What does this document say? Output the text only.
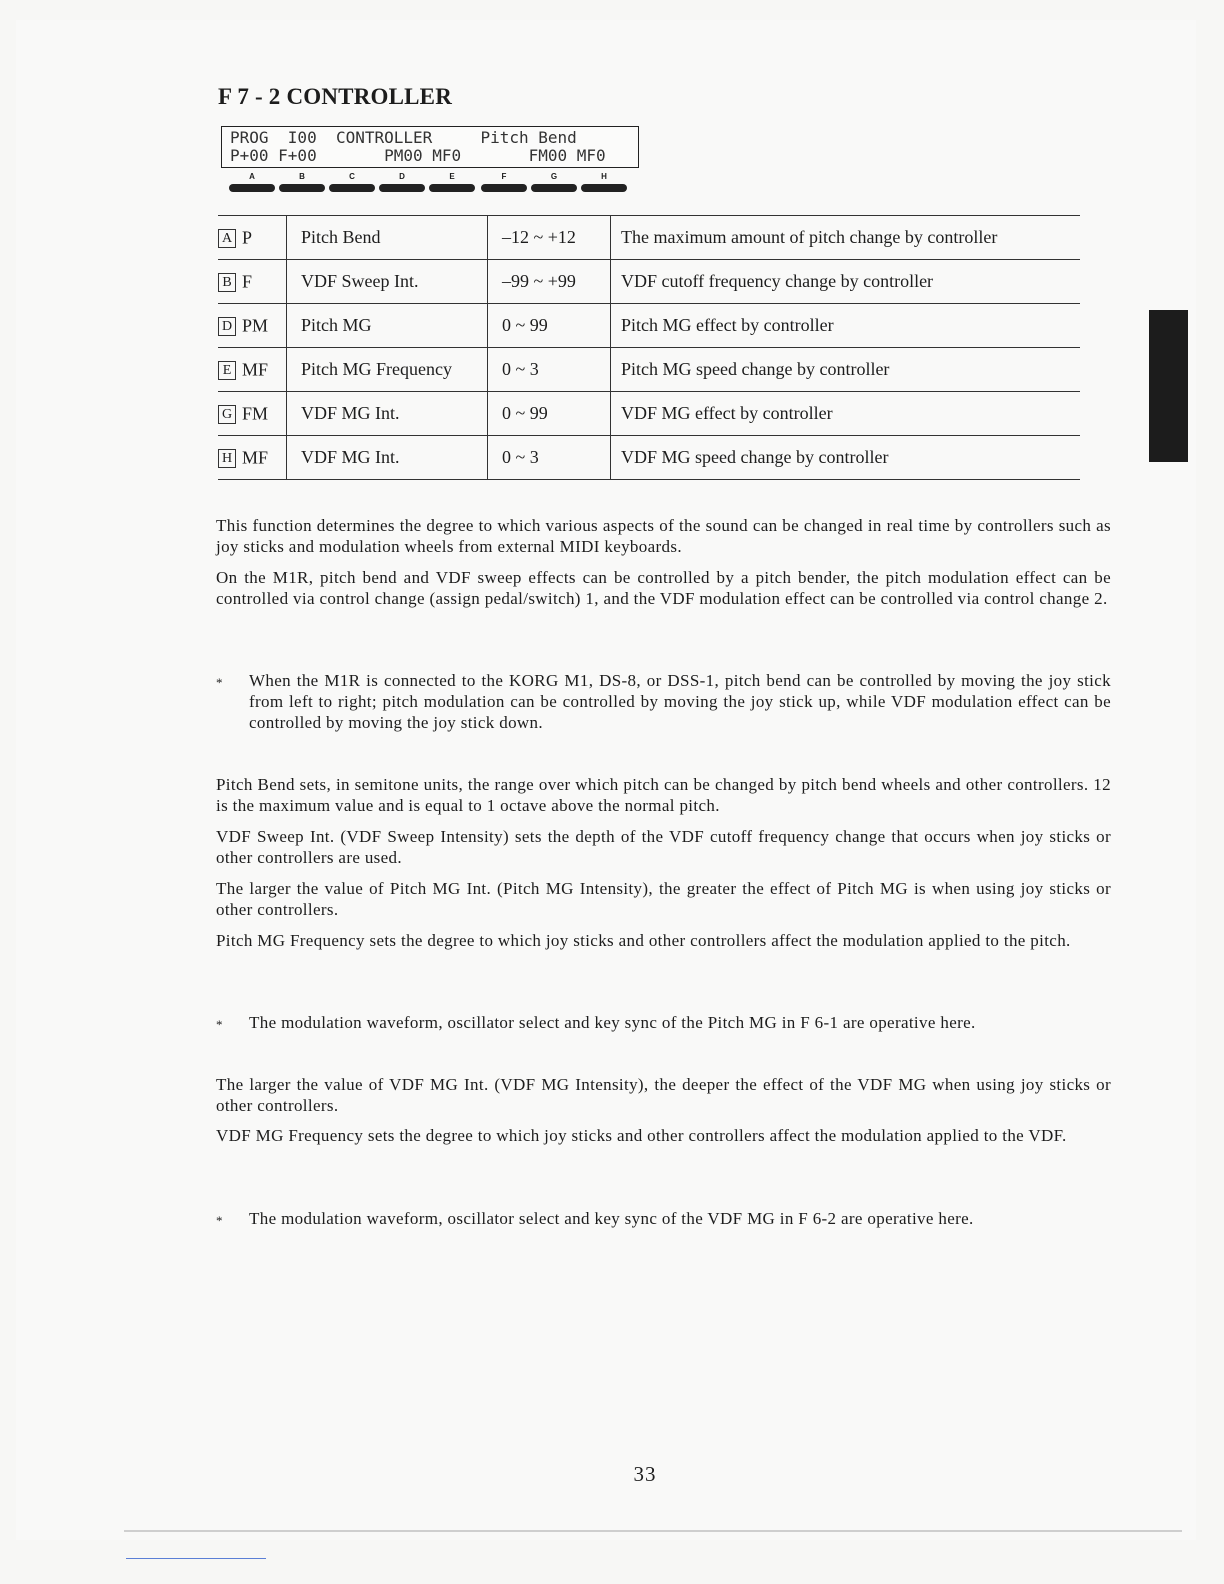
F 7 - 2 CONTROLLER
PROG  I00  CONTROLLER     Pitch Bend
P+00 F+00       PM00 MF0       FM00 MF0
A	B	C	D	E	F	G	H
A P	Pitch Bend	–12 ~ +12	The maximum amount of pitch change by controller
B F	VDF Sweep Int.	–99 ~ +99	VDF cutoff frequency change by controller
D PM	Pitch MG	0 ~ 99	Pitch MG effect by controller
E MF	Pitch MG Frequency	0 ~ 3	Pitch MG speed change by controller
G FM	VDF MG Int.	0 ~ 99	VDF MG effect by controller
H MF	VDF MG Int.	0 ~ 3	VDF MG speed change by controller

This function determines the degree to which various aspects of the sound can be changed in real time by controllers such as joy sticks and modulation wheels from external MIDI keyboards.

On the M1R, pitch bend and VDF sweep effects can be controlled by a pitch bender, the pitch modulation effect can be controlled via control change (assign pedal/switch) 1, and the VDF modulation effect can be controlled via control change 2.

* When the M1R is connected to the KORG M1, DS-8, or DSS-1, pitch bend can be controlled by moving the joy stick from left to right; pitch modulation can be controlled by moving the joy stick up, while VDF modulation effect can be controlled by moving the joy stick down.

Pitch Bend sets, in semitone units, the range over which pitch can be changed by pitch bend wheels and other controllers. 12 is the maximum value and is equal to 1 octave above the normal pitch.

VDF Sweep Int. (VDF Sweep Intensity) sets the depth of the VDF cutoff frequency change that occurs when joy sticks or other controllers are used.

The larger the value of Pitch MG Int. (Pitch MG Intensity), the greater the effect of Pitch MG is when using joy sticks or other controllers.

Pitch MG Frequency sets the degree to which joy sticks and other controllers affect the modulation applied to the pitch.

* The modulation waveform, oscillator select and key sync of the Pitch MG in F 6-1 are operative here.

The larger the value of VDF MG Int. (VDF MG Intensity), the deeper the effect of the VDF MG when using joy sticks or other controllers.

VDF MG Frequency sets the degree to which joy sticks and other controllers affect the modulation applied to the VDF.

* The modulation waveform, oscillator select and key sync of the VDF MG in F 6-2 are operative here.
33
